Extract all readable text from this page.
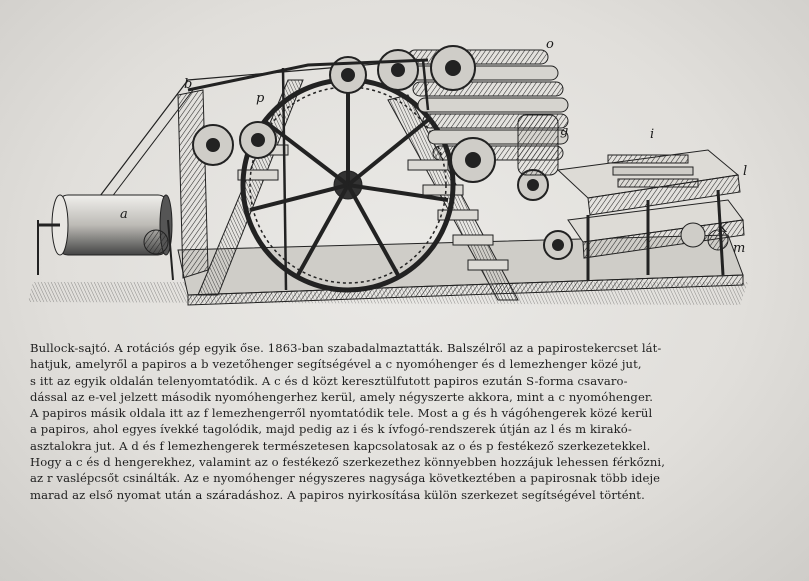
o
b
p
a
g	i
l
K
m
Bullock-sajtó. A rotációs gép egyik őse. 1863-ban szabadalmaztatták. Balszélről az a papirostekercset lát-
hatjuk, amelyről a papiros a b vezetőhenger segítségével a c nyomóhenger és d lemezhenger közé jut,
s itt az egyik oldalán telenyomtatódik. A c és d közt keresztülfutott papiros ezután S-forma csavaro-
dással az e-vel jelzett második nyomóhengerhez kerül, amely négyszerte akkora, mint a c nyomóhenger.
A papiros másik oldala itt az f lemezhengerről nyomtatódik tele. Most a g és h vágóhengerek közé kerül
a papiros, ahol egyes ívekké tagolódik, majd pedig az i és k ívfogó-rendszerek útján az l és m kirakó-
asztalokra jut. A d és f lemezhengerek természetesen kapcsolatosak az o és p festékező szerkezetekkel.
Hogy a c és d hengerekhez, valamint az o festékező szerkezethez könnyebben hozzájuk lehessen férkőzni,
az r vaslépcsőt csinálták. Az e nyomóhenger négyszeres nagysága következtében a papirosnak több ideje
marad az első nyomat után a száradáshoz. A papiros nyirkosítása külön szerkezet segítségével történt.
